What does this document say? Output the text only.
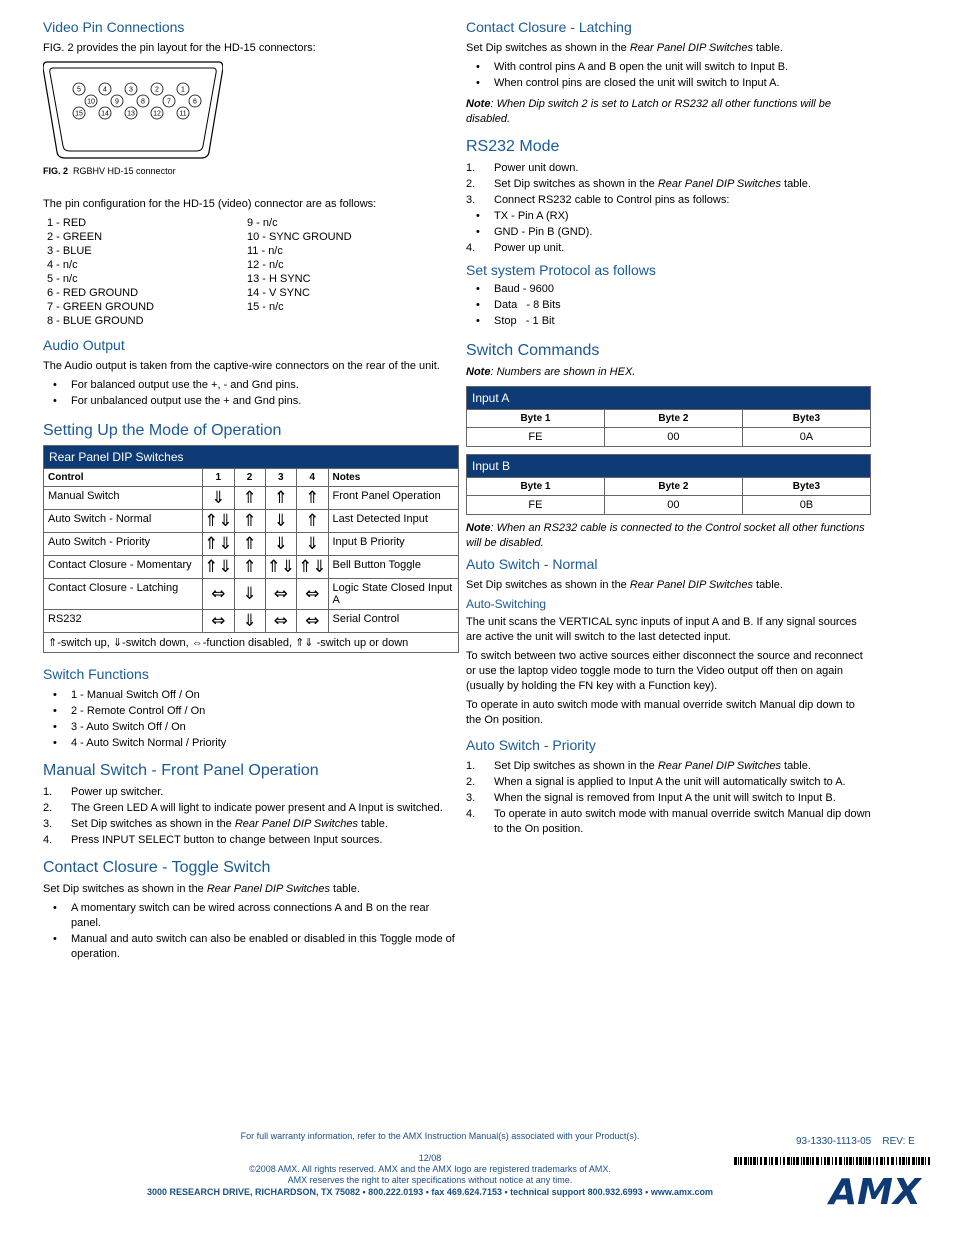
Video Pin Connections

FIG. 2 provides the pin layout for the HD-15 connectors:

5	4	3	2	1
10	9	8	7	6
15	14	13	12	11

FIG. 2 RGBHV HD-15 connector

The pin configuration for the HD-15 (video) connector are as follows:

1 - RED
2 - GREEN
3 - BLUE
4 - n/c
5 - n/c
6 - RED GROUND
7 - GREEN GROUND
8 - BLUE GROUND
9 - n/c
10 - SYNC GROUND
11 - n/c
12 - n/c
13 - H SYNC
14 - V SYNC
15 - n/c
Audio Output

The Audio output is taken from the captive-wire connectors on the rear of the unit.

• For balanced output use the +, - and Gnd pins.
• For unbalanced output use the + and Gnd pins.
Setting Up the Mode of Operation
Rear Panel DIP Switches					
Control	1	2	3	4	Notes
Manual Switch	⇓	⇑	⇑	⇑	Front Panel Operation
Auto Switch - Normal	⇑⇓	⇑	⇓	⇑	Last Detected Input
Auto Switch - Priority	⇑⇓	⇑	⇓	⇓	Input B Priority
Contact Closure - Momentary	⇑⇓	⇑	⇑⇓	⇑⇓	Bell Button Toggle
Contact Closure - Latching	⇔	⇓	⇔	⇔	Logic State Closed Input A
RS232	⇔	⇓	⇔	⇔	Serial Control
⇑-switch up, ⇓-switch down, ⇔-function disabled, ⇑⇓ -switch up or down					
Switch Functions
• 1 - Manual Switch Off / On
• 2 - Remote Control Off / On
• 3 - Auto Switch Off / On
• 4 - Auto Switch Normal / Priority
Manual Switch - Front Panel Operation
Power up switcher.
The Green LED A will light to indicate power present and A Input is switched.
Set Dip switches as shown in the Rear Panel DIP Switches table.
Press INPUT SELECT button to change between Input sources.
Contact Closure - Toggle Switch

Set Dip switches as shown in the Rear Panel DIP Switches table.

• A momentary switch can be wired across connections A and B on the rear panel.
• Manual and auto switch can also be enabled or disabled in this Toggle mode of operation.
Contact Closure - Latching

Set Dip switches as shown in the Rear Panel DIP Switches table.

• With control pins A and B open the unit will switch to Input B.
• When control pins are closed the unit will switch to Input A.

Note: When Dip switch 2 is set to Latch or RS232 all other functions will be disabled.

RS232 Mode
Power unit down.
Set Dip switches as shown in the Rear Panel DIP Switches table.
Connect RS232 cable to Control pins as follows:
• TX - Pin A (RX)
• GND - Pin B (GND).
Power up unit.
Set system Protocol as follows
• Baud - 9600
• Data   - 8 Bits
• Stop   - 1 Bit
Switch Commands

Note: Numbers are shown in HEX.

Input A		
Byte 1	Byte 2	Byte3
FE	00	0A
Input B		
Byte 1	Byte 2	Byte3
FE	00	0B

Note: When an RS232 cable is connected to the Control socket all other functions will be disabled.

Auto Switch - Normal

Set Dip switches as shown in the Rear Panel DIP Switches table.

Auto-Switching

The unit scans the VERTICAL sync inputs of input A and B. If any signal sources are active the unit will switch to the last detected input.

To switch between two active sources either disconnect the source and reconnect or use the laptop video toggle mode to turn the Video output off then on again (usually by holding the FN key with a Function key).

To operate in auto switch mode with manual override switch Manual dip down to the On position.

Auto Switch - Priority
Set Dip switches as shown in the Rear Panel DIP Switches table.
When a signal is applied to Input A the unit will automatically switch to A.
When the signal is removed from Input A the unit will switch to Input B.
To operate in auto switch mode with manual override switch Manual dip down to the On position.
For full warranty information, refer to the AMX Instruction Manual(s) associated with your Product(s).
12/08
©2008 AMX. All rights reserved. AMX and the AMX logo are registered trademarks of AMX.
AMX reserves the right to alter specifications without notice at any time.
3000 RESEARCH DRIVE, RICHARDSON, TX 75082 • 800.222.0193 • fax 469.624.7153 • technical support 800.932.6993 • www.amx.com
93-1330-1113-05 REV: E
AMX
